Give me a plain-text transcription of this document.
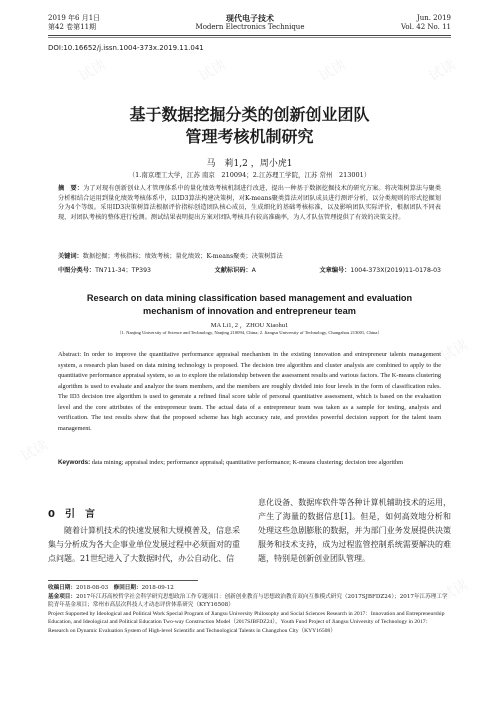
2019 年6 月1日
第42 卷第11期
现代电子技术
Modern Electronics Technique
Jun. 2019
Vol. 42 No. 11
DOI:10.16652/j.issn.1004-373x.2019.11.041
试读	试读	试读	试读
试读
试读
试读
基于数据挖掘分类的创新创业团队
管理考核机制研究
马　莉1,2 ，周小虎1
（1.南京理工大学，江苏 南京　210094；2.江苏理工学院，江苏 常州　213001）
摘　要：为了对现有创新创业人才管理体系中的量化绩效考核机制进行改进，提出一种基于数据挖掘技术的研究方案。将决策树算法与聚类分析相结合运用到量化绩效考核体系中，以ID3算法构建决策树，对K-means聚类算法对团队成员进行测评分析，以分类规则的形式挖掘划分为4个等级。采用ID3决策树算法根据评价指标创造团队核心成员，生成细化的基础考核标准，以及影响团队实际评价，根据团队不同表现，对团队考核的整体进行检测。测试结果表明提出方案对团队考核具有较高准确率，为人才队伍管理提供了有效的决策支持。
关键词：数据挖掘；考核指标；绩效考核；量化绩效；K-means聚类；决策树算法
中图分类号：TN711-34；TP393	文献标识码：A	文章编号：1004-373X(2019)11-0178-03
Research on data mining classification based management and evaluation
mechanism of innovation and entrepreneur team
MA Li1, 2 ，ZHOU Xiaohu1
（1. Nanjing University of Science and Technology, Nanjing 210094, China; 2. Jiangsu University of Technology, Changzhou 213001, China）
Abstract: In order to improve the quantitative performance appraisal mechanism in the existing innovation and entrepreneur talents management system, a research plan based on data mining technology is proposed. The decision tree algorithm and cluster analysis are combined to apply to the quantitative performance appraisal system, so as to explore the relationship between the assessment results and various factors. The K-means clustering algorithm is used to evaluate and analyze the team members, and the members are roughly divided into four levels in the form of classification rules. The ID3 decision tree algorithm is used to generate a refined final score table of personal quantitative assessment, which is based on the evaluation level and the core attributes of the entrepreneur team. The actual data of a entrepreneur team was taken as a sample for testing, analysis and verification. The test results show that the proposed scheme has high accuracy rate, and provides powerful decision support for the talent team management.
Keywords: data mining; appraisal index; performance appraisal; quantitative performance; K-means clustering; decision tree algorithm
0　引　言
随着计算机技术的快速发展和大规模普及，信息采集与分析成为各大企事业单位发展过程中必须面对的重点问题。21世纪进入了大数据时代，办公自动化、信
息化设备、数据库软件等各种计算机辅助技术的运用，产生了海量的数据信息[1]。但是，如何高效地分析和处理这些急剧膨胀的数据，并为部门业务发展提供决策服务和技术支持，成为过程监管控制系统需要解决的难题，特别是创新创业团队管理。
收稿日期：2018-08-03 修回日期：2018-09-12
基金项目：2017年江苏高校哲学社会科学研究思想政治工作专题项目：创新创业教育与思想政治教育双向互推模式研究（2017SJBFDZ24）；2017年江苏理工学院青年基金项目；常州市高层次科技人才动态评价体系研究（KYY16508）
Project Supported by Ideological and Political Work Special Program of Jiangsu University Philosophy and Social Sciences Research in 2017：Innovation and Entrepreneurship Education, and Ideological and Political Education Two-way Construction Model（2017SJBFDZ24），Youth Fund Project of Jiangsu University of Technology in 2017：Research on Dynamic Evaluation System of High-level Scientific and Technological Talents in Changzhou City（KYY16508）
